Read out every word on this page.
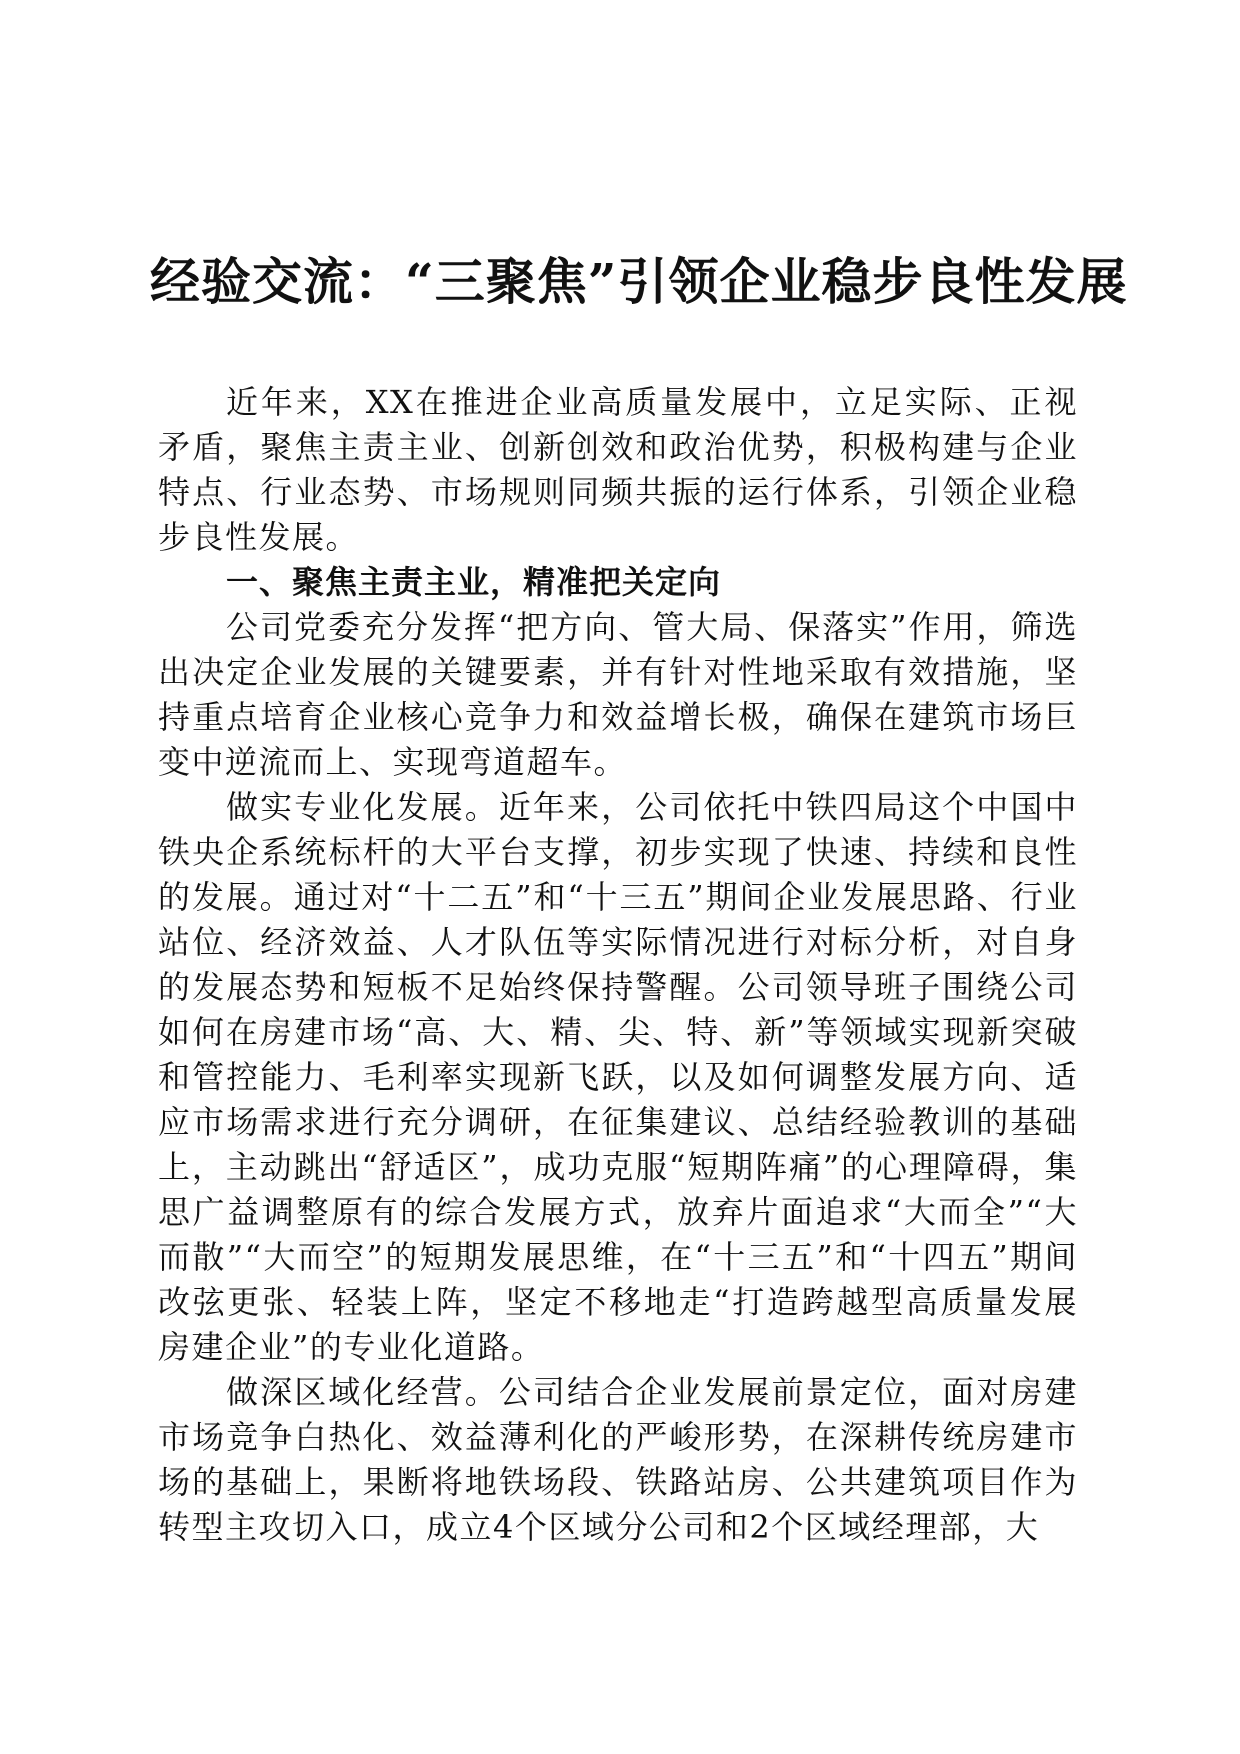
经验交流：“三聚焦”引领企业稳步良性发展

近年来，XX在推进企业高质量发展中，立足实际、正视矛盾，聚焦主责主业、创新创效和政治优势，积极构建与企业特点、行业态势、市场规则同频共振的运行体系，引领企业稳步良性发展。

一、聚焦主责主业，精准把关定向

公司党委充分发挥“把方向、管大局、保落实”作用，筛选出决定企业发展的关键要素，并有针对性地采取有效措施，坚持重点培育企业核心竞争力和效益增长极，确保在建筑市场巨变中逆流而上、实现弯道超车。

做实专业化发展。近年来，公司依托中铁四局这个中国中铁央企系统标杆的大平台支撑，初步实现了快速、持续和良性的发展。通过对“十二五”和“十三五”期间企业发展思路、行业站位、经济效益、人才队伍等实际情况进行对标分析，对自身的发展态势和短板不足始终保持警醒。公司领导班子围绕公司如何在房建市场“高、大、精、尖、特、新”等领域实现新突破和管控能力、毛利率实现新飞跃，以及如何调整发展方向、适应市场需求进行充分调研，在征集建议、总结经验教训的基础上，主动跳出“舒适区”，成功克服“短期阵痛”的心理障碍，集思广益调整原有的综合发展方式，放弃片面追求“大而全”“大而散”“大而空”的短期发展思维，在“十三五”和“十四五”期间改弦更张、轻装上阵，坚定不移地走“打造跨越型高质量发展房建企业”的专业化道路。

做深区域化经营。公司结合企业发展前景定位，面对房建市场竞争白热化、效益薄利化的严峻形势，在深耕传统房建市场的基础上，果断将地铁场段、铁路站房、公共建筑项目作为转型主攻切入口，成立4个区域分公司和2个区域经理部，大
